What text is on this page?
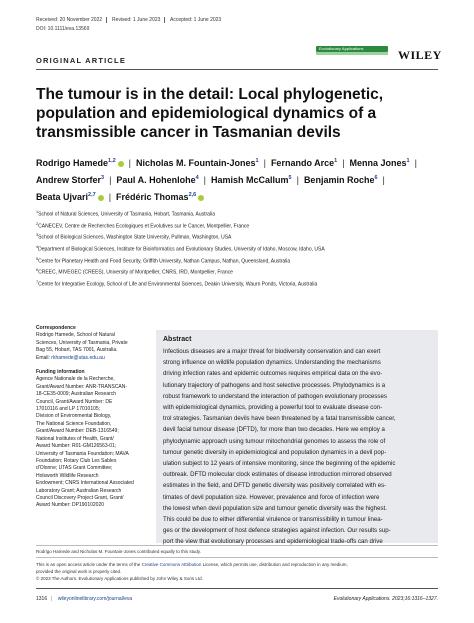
Received: 20 November 2022 Revised: 1 June 2023 Accepted: 1 June 2023
DOI: 10.1111/eva.13569
ORIGINAL ARTICLE
Evolutionary Applications	WILEY
The tumour is in the detail: Local phylogenetic, population and epidemiological dynamics of a transmissible cancer in Tasmanian devils
Rodrigo Hamede$^{1,2}$ | Nicholas M. Fountain-Jones$^1$ | Fernando Arce$^1$ | Menna Jones$^1$ |
Andrew Storfer$^3$ | Paul A. Hohenlohe$^4$ | Hamish McCallum$^5$ | Benjamin Roche$^6$ |
Beata Ujvari$^{2,7}$ | Frédéric Thomas$^{2,6}$
$^1$School of Natural Sciences, University of Tasmania, Hobart, Tasmania, Australia
$^2$CANECEV, Centre de Recherches Ecologiques et Evolutives sur le Cancer, Montpellier, France
$^3$School of Biological Sciences, Washington State University, Pullman, Washington, USA
$^4$Department of Biological Sciences, Institute for Bioinformatics and Evolutionary Studies, University of Idaho, Moscow, Idaho, USA
$^5$Centre for Planetary Health and Food Security, Griffith University, Nathan Campus, Nathan, Queensland, Australia
$^6$CREEC, MIVEGEC (CREES), University of Montpellier, CNRS, IRD, Montpellier, France
$^7$Centre for Integrative Ecology, School of Life and Environmental Sciences, Deakin University, Waurn Ponds, Victoria, Australia
Correspondence
Rodrigo Hamede, School of Natural
Sciences, University of Tasmania, Private
Bag 55, Hobart, TAS 7001, Australia.
Email: rkhamede@utas.edu.au
Funding information
Agence Nationale de la Recherche,
Grant/Award Number: ANR-TRANSCAN-
18-CE35-0009; Australian Research
Council, Grant/Award Number: DE
17010116 and LP 17010105;
Division of Environmental Biology,
The National Science Foundation,
Grant/Award Number: DEB-1316549;
National Institutes of Health, Grant/
Award Number: R01-GM126563-01;
University of Tasmania Foundation; MAVA
Foundation; Rotary Club Les Sables
d'Olonne; UTAS Grant Committee;
Holsworth Wildlife Research
Endowment; CNRS International Associated
Laboratory Grant; Australian Research
Council Discovery Project Grant, Grant/
Award Number: DP190102020
Abstract
Infectious diseases are a major threat for biodiversity conservation and can exert
strong influence on wildlife population dynamics. Understanding the mechanisms
driving infection rates and epidemic outcomes requires empirical data on the evo-
lutionary trajectory of pathogens and host selective processes. Phylodynamics is a
robust framework to understand the interaction of pathogen evolutionary processes
with epidemiological dynamics, providing a powerful tool to evaluate disease con-
trol strategies. Tasmanian devils have been threatened by a fatal transmissible cancer,
devil facial tumour disease (DFTD), for more than two decades. Here we employ a
phylodynamic approach using tumour mitochondrial genomes to assess the role of
tumour genetic diversity in epidemiological and population dynamics in a devil pop-
ulation subject to 12 years of intensive monitoring, since the beginning of the epidemic
outbreak. DFTD molecular clock estimates of disease introduction mirrored observed
estimates in the field, and DFTD genetic diversity was positively correlated with es-
timates of devil population size. However, prevalence and force of infection were
the lowest when devil population size and tumour genetic diversity was the highest.
This could be due to either differential virulence or transmissibility in tumour linea-
ges or the development of host defence strategies against infection. Our results sup-
port the view that evolutionary processes and epidemiological trade-offs can drive
Rodrigo Hamede and Nicholas M. Fountain-Jones contributed equally to this study.
This is an open access article under the terms of the Creative Commons Attribution License, which permits use, distribution and reproduction in any medium,
provided the original work is properly cited.
© 2023 The Authors. Evolutionary Applications published by John Wiley & Sons Ltd.
1316 | wileyonlinelibrary.com/journal/eva	Evolutionary Applications. 2023;16:1316–1327.
